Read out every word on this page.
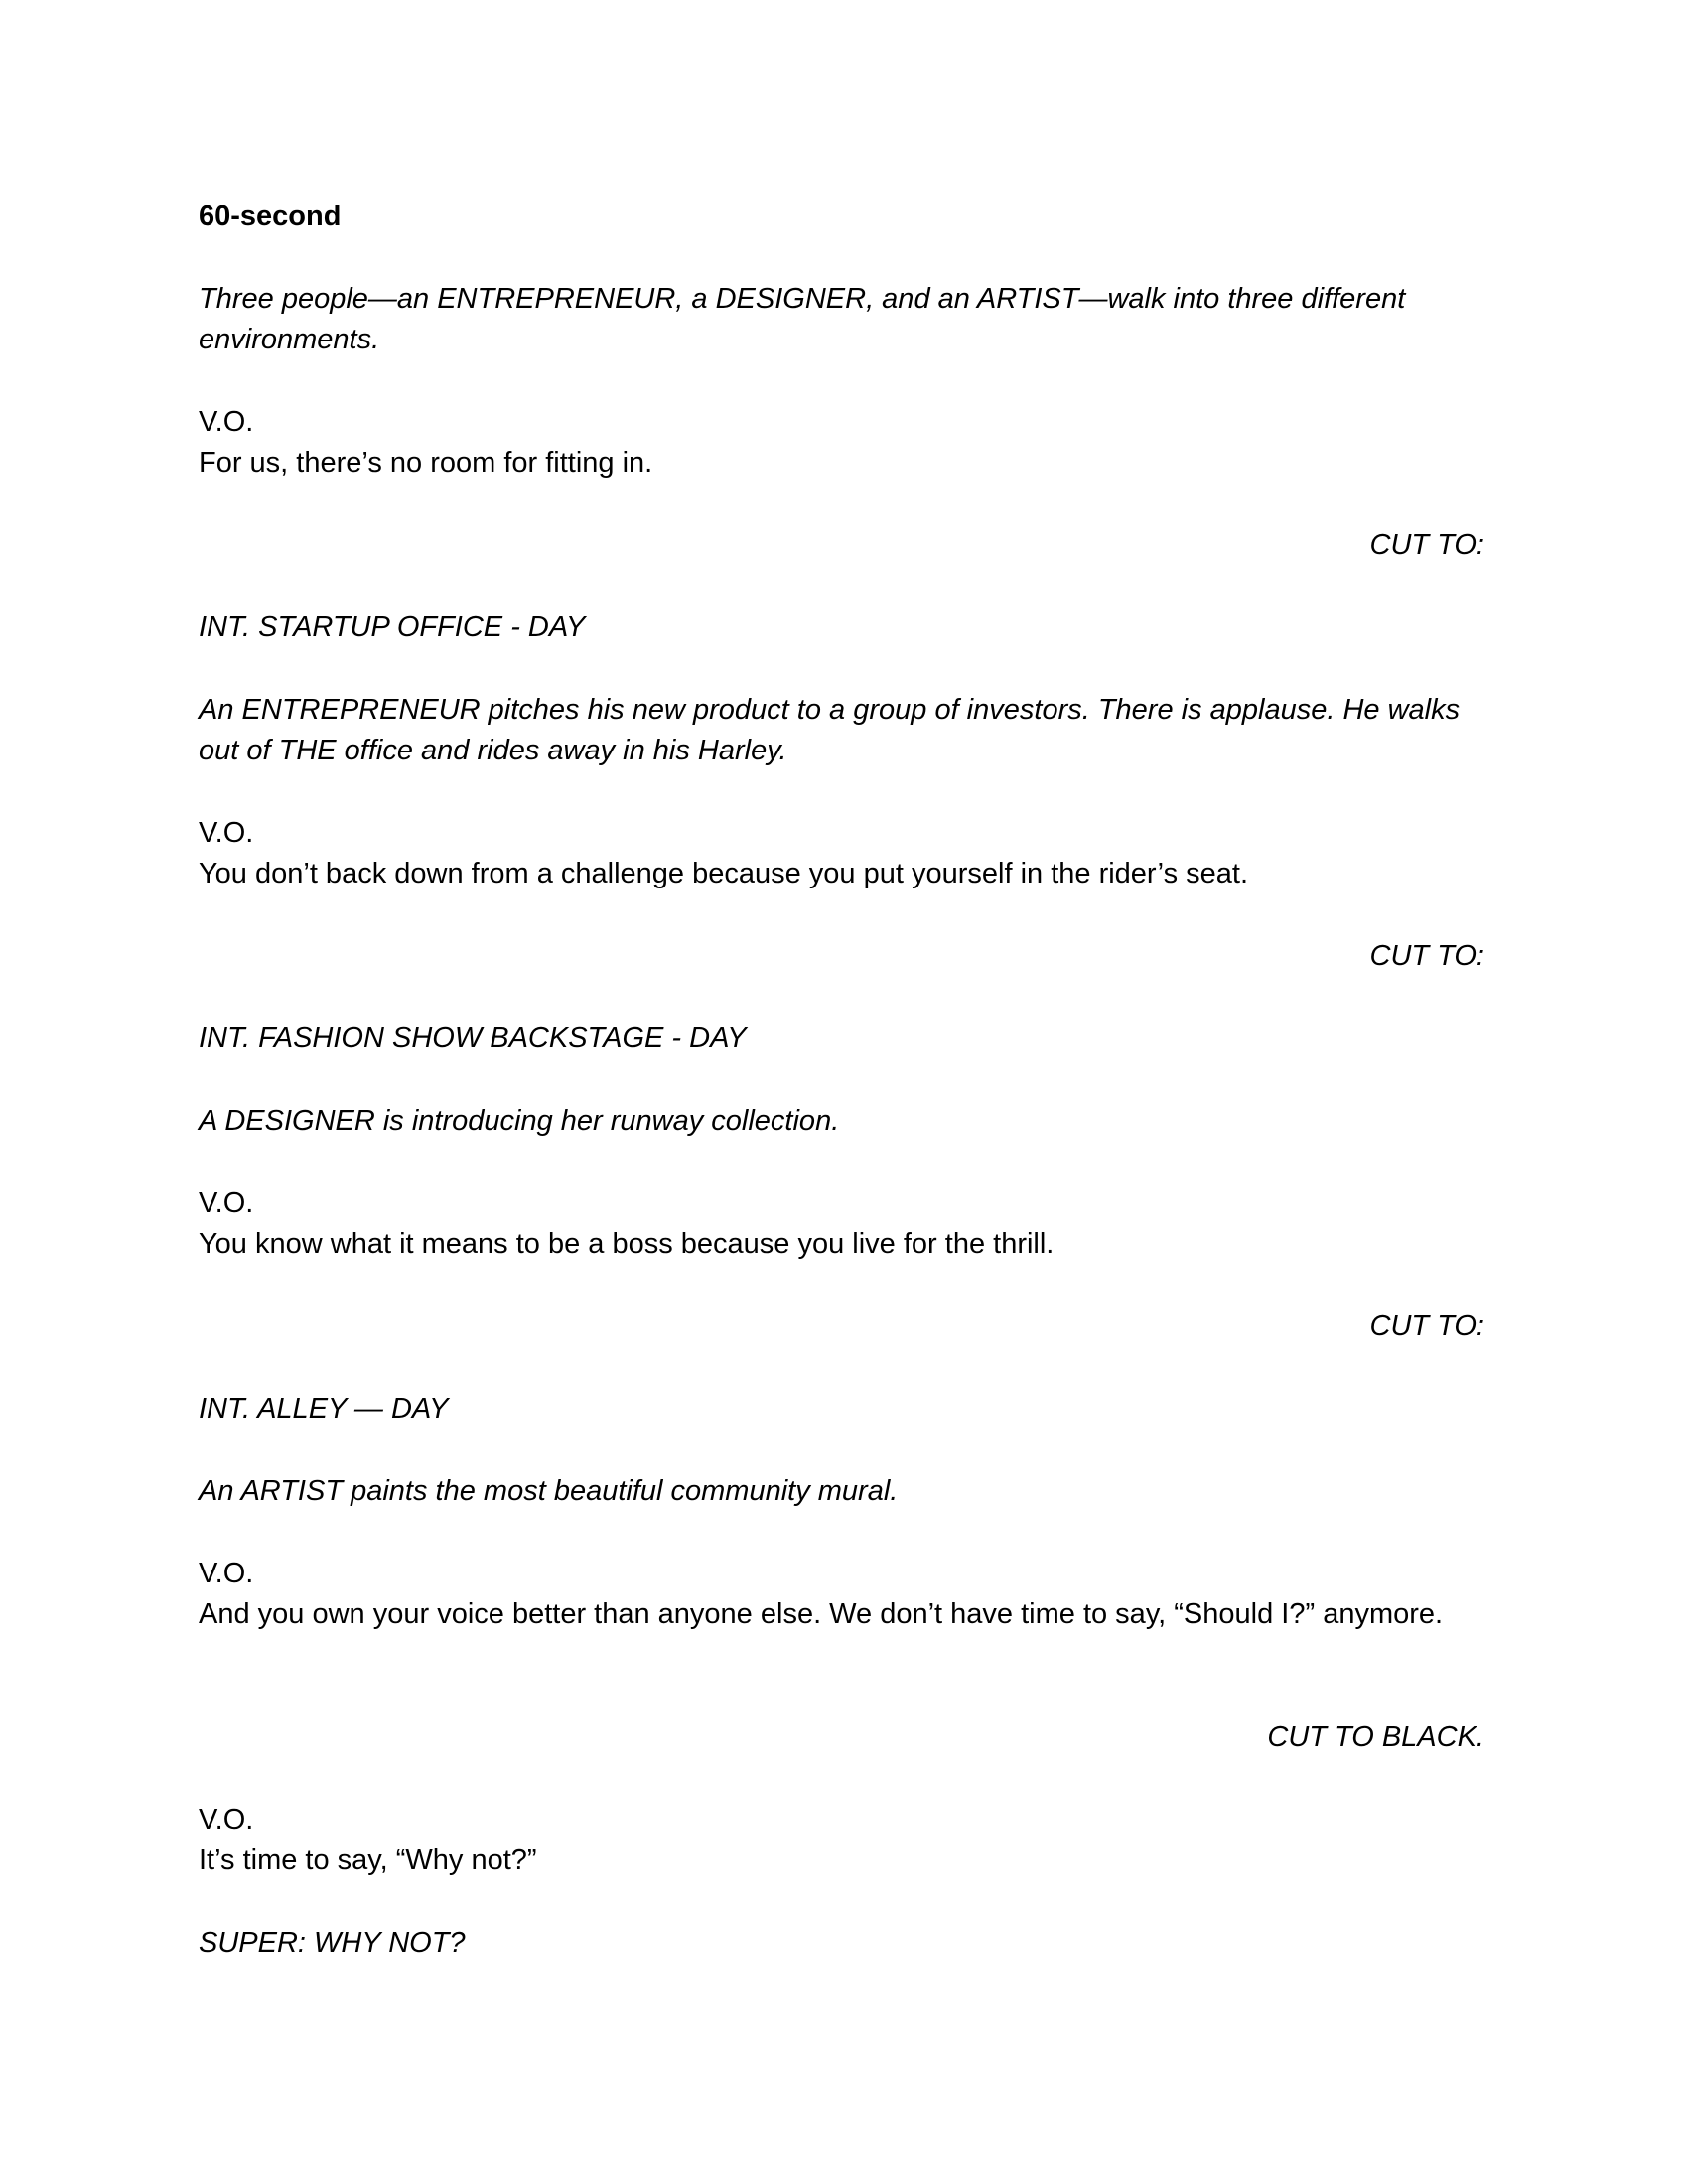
60-second

Three people—an ENTREPRENEUR, a DESIGNER, and an ARTIST—walk into three different environments.

V.O.

For us, there’s no room for fitting in.

CUT TO:

INT. STARTUP OFFICE - DAY

An ENTREPRENEUR pitches his new product to a group of investors. There is applause. He walks out of THE office and rides away in his Harley.

V.O.

You don’t back down from a challenge because you put yourself in the rider’s seat.

CUT TO:

INT. FASHION SHOW BACKSTAGE - DAY

A DESIGNER is introducing her runway collection.

V.O.

You know what it means to be a boss because you live for the thrill.

CUT TO:

INT. ALLEY — DAY

An ARTIST paints the most beautiful community mural.

V.O.

And you own your voice better than anyone else. We don’t have time to say, “Should I?” anymore.

CUT TO BLACK.

V.O.

It’s time to say, “Why not?”

SUPER: WHY NOT?
